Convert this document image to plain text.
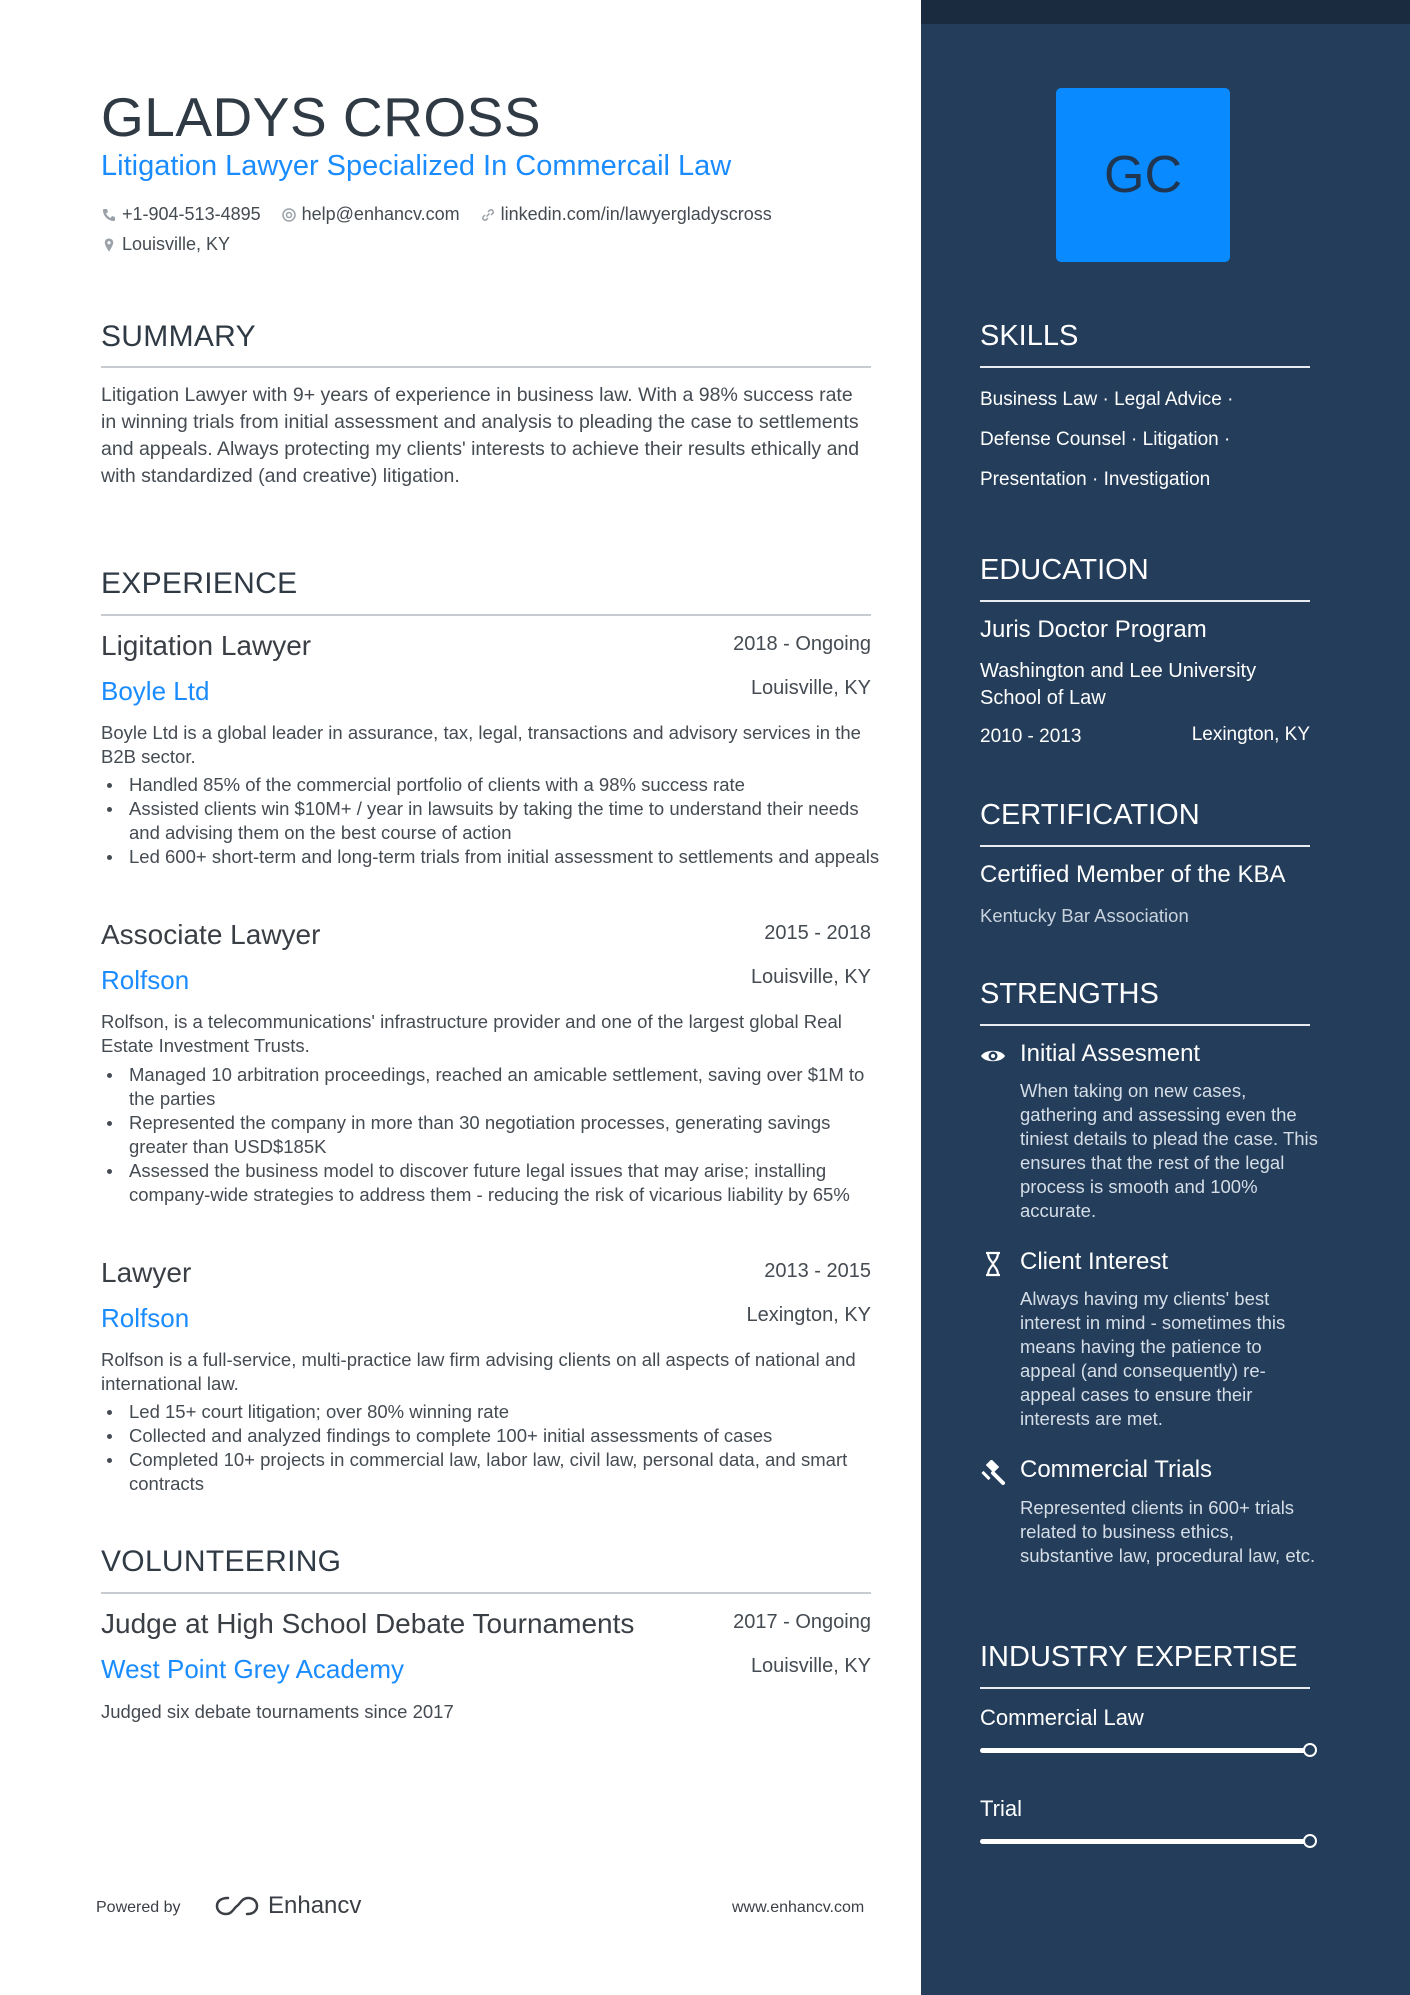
GLADYS CROSS
Litigation Lawyer Specialized In Commercail Law
+1-904-513-4895 help@enhancv.com linkedin.com/in/lawyergladyscross
Louisville, KY
SUMMARY
Litigation Lawyer with 9+ years of experience in business law. With a 98% success rate in winning trials from initial assessment and analysis to pleading the case to settlements and appeals. Always protecting my clients' interests to achieve their results ethically and with standardized (and creative) litigation.
EXPERIENCE
Ligitation Lawyer	2018 - Ongoing
Boyle Ltd	Louisville, KY
Boyle Ltd is a global leader in assurance, tax, legal, transactions and advisory services in the B2B sector.
Handled 85% of the commercial portfolio of clients with a 98% success rate
Assisted clients win $10M+ / year in lawsuits by taking the time to understand their needs and advising them on the best course of action
Led 600+ short-term and long-term trials from initial assessment to settlements and appeals
Associate Lawyer	2015 - 2018
Rolfson	Louisville, KY
Rolfson, is a telecommunications' infrastructure provider and one of the largest global Real Estate Investment Trusts.
Managed 10 arbitration proceedings, reached an amicable settlement, saving over $1M to the parties
Represented the company in more than 30 negotiation processes, generating savings greater than USD$185K
Assessed the business model to discover future legal issues that may arise; installing company-wide strategies to address them - reducing the risk of vicarious liability by 65%
Lawyer	2013 - 2015
Rolfson	Lexington, KY
Rolfson is a full-service, multi-practice law firm advising clients on all aspects of national and international law.
Led 15+ court litigation; over 80% winning rate
Collected and analyzed findings to complete 100+ initial assessments of cases
Completed 10+ projects in commercial law, labor law, civil law, personal data, and smart contracts
VOLUNTEERING
Judge at High School Debate Tournaments	2017 - Ongoing
West Point Grey Academy	Louisville, KY
Judged six debate tournaments since 2017
Powered by	Enhancv	www.enhancv.com
GC
SKILLS
Business Law · Legal Advice ·
Defense Counsel · Litigation ·
Presentation · Investigation
EDUCATION
Juris Doctor Program
Washington and Lee University School of Law
2010 - 2013	Lexington, KY
CERTIFICATION
Certified Member of the KBA
Kentucky Bar Association
STRENGTHS
Initial Assesment
When taking on new cases, gathering and assessing even the tiniest details to plead the case. This ensures that the rest of the legal process is smooth and 100% accurate.
Client Interest
Always having my clients' best interest in mind - sometimes this means having the patience to appeal (and consequently) re-appeal cases to ensure their interests are met.
Commercial Trials
Represented clients in 600+ trials related to business ethics, substantive law, procedural law, etc.
INDUSTRY EXPERTISE
Commercial Law
Trial
